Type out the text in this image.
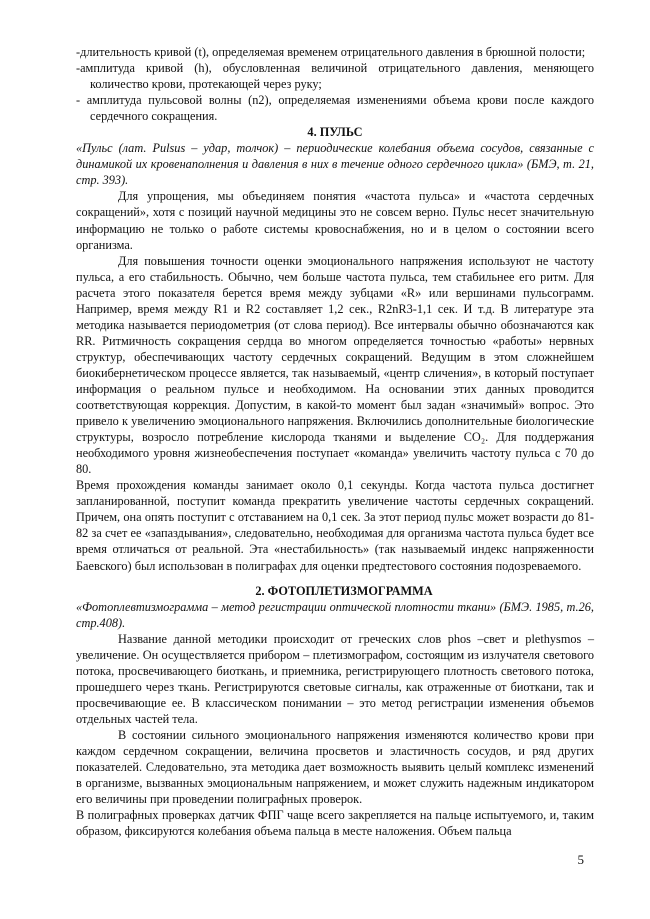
-длительность кривой (t), определяемая временем отрицательного давления в брюшной полости;

-амплитуда кривой (h), обусловленная величиной отрицательного давления, меняющего количество крови, протекающей через руку;

- амплитуда пульсовой волны (n2), определяемая изменениями объема крови после каждого сердечного сокращения.

4. ПУЛЬС

«Пульс (лат. Pulsus – удар, толчок) – периодические колебания объема сосудов, связанные с динамикой их кровенаполнения и давления в них в течение одного сердечного цикла» (БМЭ, т. 21, стр. 393).

Для упрощения, мы объединяем понятия «частота пульса» и «частота сердечных сокращений», хотя с позиций научной медицины это не совсем верно. Пульс несет значительную информацию не только о работе системы кровоснабжения, но и в целом о состоянии всего организма.

Для повышения точности оценки эмоционального напряжения используют не частоту пульса, а его стабильность. Обычно, чем больше частота пульса, тем стабильнее его ритм. Для расчета этого показателя берется время между зубцами «R» или вершинами пульсограмм. Например, время между R1 и R2 составляет 1,2 сек., R2nR3-1,1 сек. И т.д. В литературе эта методика называется периодометрия (от слова период). Все интервалы обычно обозначаются как RR. Ритмичность сокращения сердца во многом определяется точностью «работы» нервных структур, обеспечивающих частоту сердечных сокращений. Ведущим в этом сложнейшем биокибернетическом процессе является, так называемый, «центр сличения», в который поступает информация о реальном пульсе и необходимом. На основании этих данных проводится соответствующая коррекция. Допустим, в какой-то момент был задан «значимый» вопрос. Это привело к увеличению эмоционального напряжения. Включились дополнительные биологические структуры, возросло потребление кислорода тканями и выделение СО₂. Для поддержания необходимого уровня жизнеобеспечения поступает «команда» увеличить частоту пульса с 70 до 80.

Время прохождения команды занимает около 0,1 секунды. Когда частота пульса достигнет запланированной, поступит команда прекратить увеличение частоты сердечных сокращений. Причем, она опять поступит с отставанием на 0,1 сек. За этот период пульс может возрасти до 81-82 за счет ее «запаздывания», следовательно, необходимая для организма частота пульса будет все время отличаться от реальной. Эта «нестабильность» (так называемый индекс напряженности Баевского) был использован в полиграфах для оценки предтестового состояния подозреваемого.

2. ФОТОПЛЕТИЗМОГРАММА

«Фотоплевтизмограмма – метод регистрации оптической плотности ткани» (БМЭ. 1985, т.26, стр.408).

Название данной методики происходит от греческих слов phos –свет и plethysmos – увеличение. Он осуществляется прибором – плетизмографом, состоящим из излучателя светового потока, просвечивающего биоткань, и приемника, регистрирующего плотность светового потока, прошедшего через ткань. Регистрируются световые сигналы, как отраженные от биоткани, так и просвечивающие ее. В классическом понимании – это метод регистрации изменения объемов отдельных частей тела.

В состоянии сильного эмоционального напряжения изменяются количество крови при каждом сердечном сокращении, величина просветов и эластичность сосудов, и ряд других показателей. Следовательно, эта методика дает возможность выявить целый комплекс изменений в организме, вызванных эмоциональным напряжением, и может служить надежным индикатором его величины при проведении полиграфных проверок.

В полиграфных проверках датчик ФПГ чаще всего закрепляется на пальце испытуемого, и, таким образом, фиксируются колебания объема пальца в месте наложения. Объем пальца

5
